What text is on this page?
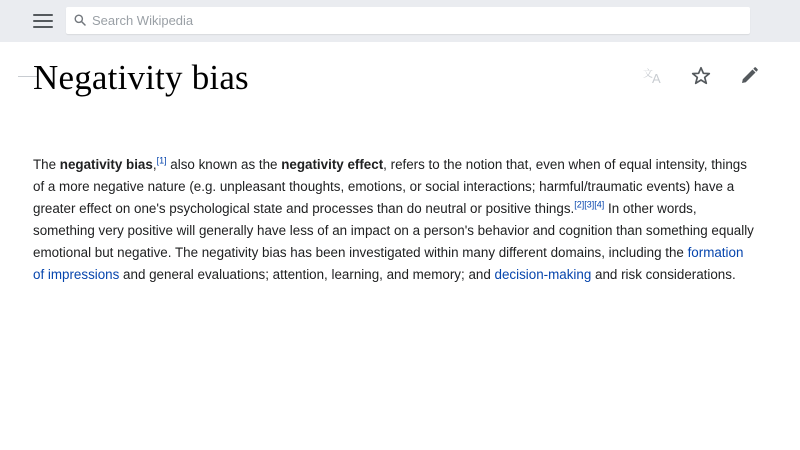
Search Wikipedia
Negativity bias	文 A
The negativity bias,[1] also known as the negativity effect, refers to the notion that, even when of equal intensity, things of a more negative nature (e.g. unpleasant thoughts, emotions, or social interactions; harmful/traumatic events) have a greater effect on one's psychological state and processes than do neutral or positive things.[2][3][4] In other words, something very positive will generally have less of an impact on a person's behavior and cognition than something equally emotional but negative. The negativity bias has been investigated within many different domains, including the formation of impressions and general evaluations; attention, learning, and memory; and decision-making and risk considerations.
